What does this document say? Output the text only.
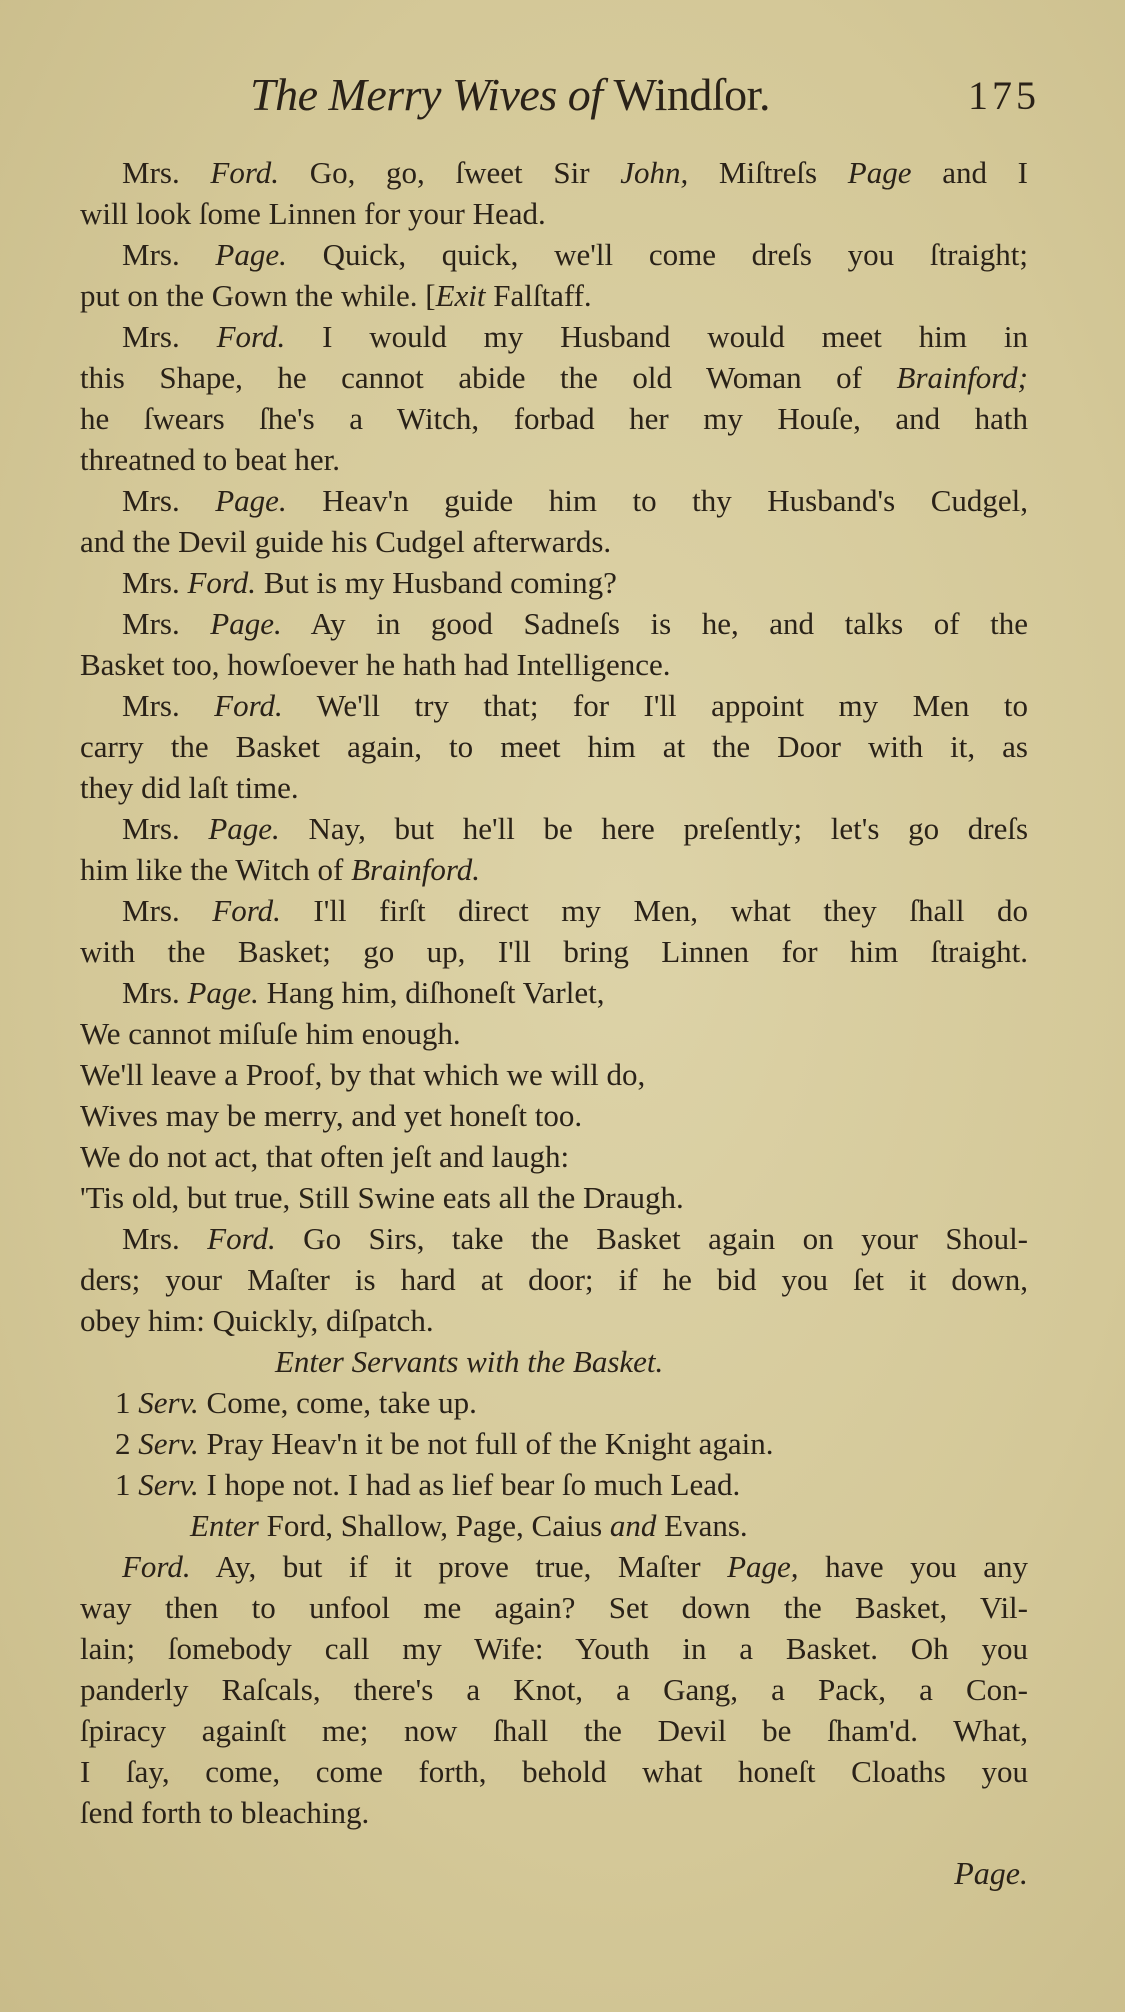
The Merry Wives of Windſor.	175
Mrs. Ford. Go, go, ſweet Sir John, Miſtreſs Page and I
will look ſome Linnen for your Head.
Mrs. Page. Quick, quick, we'll come dreſs you ſtraight;
put on the Gown the while. [Exit Falſtaff.
Mrs. Ford. I would my Husband would meet him in
this Shape, he cannot abide the old Woman of Brainford;
he ſwears ſhe's a Witch, forbad her my Houſe, and hath
threatned to beat her.
Mrs. Page. Heav'n guide him to thy Husband's Cudgel,
and the Devil guide his Cudgel afterwards.
Mrs. Ford. But is my Husband coming?
Mrs. Page. Ay in good Sadneſs is he, and talks of the
Basket too, howſoever he hath had Intelligence.
Mrs. Ford. We'll try that; for I'll appoint my Men to
carry the Basket again, to meet him at the Door with it, as
they did laſt time.
Mrs. Page. Nay, but he'll be here preſently; let's go dreſs
him like the Witch of Brainford.
Mrs. Ford. I'll firſt direct my Men, what they ſhall do
with the Basket; go up, I'll bring Linnen for him ſtraight.
Mrs. Page. Hang him, diſhoneſt Varlet,
We cannot miſuſe him enough.
We'll leave a Proof, by that which we will do,
Wives may be merry, and yet honeſt too.
We do not act, that often jeſt and laugh:
'Tis old, but true, Still Swine eats all the Draugh.
Mrs. Ford. Go Sirs, take the Basket again on your Shoul-
ders; your Maſter is hard at door; if he bid you ſet it down,
obey him: Quickly, diſpatch.
Enter Servants with the Basket.
1 Serv. Come, come, take up.
2 Serv. Pray Heav'n it be not full of the Knight again.
1 Serv. I hope not. I had as lief bear ſo much Lead.
Enter Ford, Shallow, Page, Caius and Evans.
Ford. Ay, but if it prove true, Maſter Page, have you any
way then to unfool me again? Set down the Basket, Vil-
lain; ſomebody call my Wife: Youth in a Basket. Oh you
panderly Raſcals, there's a Knot, a Gang, a Pack, a Con-
ſpiracy againſt me; now ſhall the Devil be ſham'd. What,
I ſay, come, come forth, behold what honeſt Cloaths you
ſend forth to bleaching.
Page.
